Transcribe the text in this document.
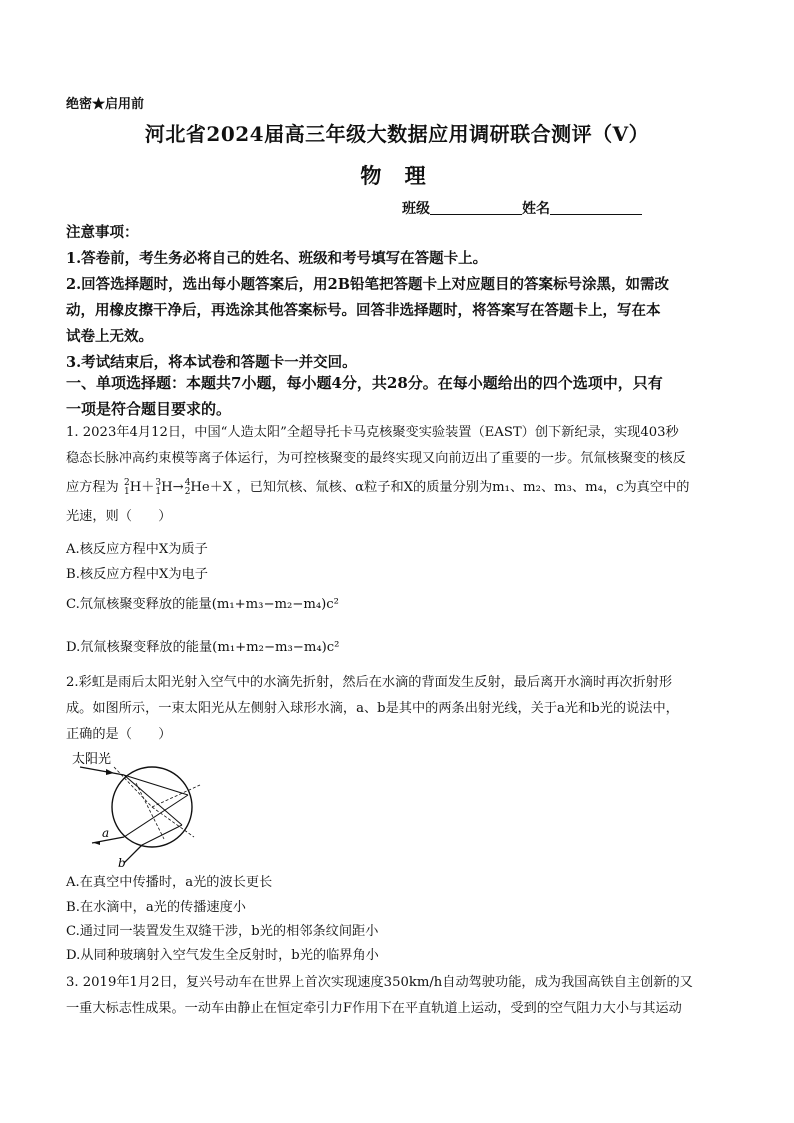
绝密★启用前
河北省2024届高三年级大数据应用调研联合测评（V）
物 理
班级	姓名
注意事项：
1.答卷前，考生务必将自己的姓名、班级和考号填写在答题卡上。
2.回答选择题时，选出每小题答案后，用2B铅笔把答题卡上对应题目的答案标号涂黑，如需改
动，用橡皮擦干净后，再选涂其他答案标号。回答非选择题时，将答案写在答题卡上，写在本
试卷上无效。
3.考试结束后，将本试卷和答题卡一并交回。
一、单项选择题：本题共7小题，每小题4分，共28分。在每小题给出的四个选项中，只有
一项是符合题目要求的。
1. 2023年4月12日，中国“人造太阳”全超导托卡马克核聚变实验装置（EAST）创下新纪录，实现403秒
稳态长脉冲高约束模等离子体运行，为可控核聚变的最终实现又向前迈出了重要的一步。氘氚核聚变的核反
应方程为 2
1 H＋ 3
1 H→ 4
2 He＋X ，已知氘核、氚核、α粒子和X的质量分别为m₁、m₂、m₃、m₄，c为真空中的
光速，则（　　）
A.核反应方程中X为质子
B.核反应方程中X为电子
C.氘氚核聚变释放的能量(m₁+m₃−m₂−m₄)c²
D.氘氚核聚变释放的能量(m₁+m₂−m₃−m₄)c²
2.彩虹是雨后太阳光射入空气中的水滴先折射，然后在水滴的背面发生反射，最后离开水滴时再次折射形
成。如图所示，一束太阳光从左侧射入球形水滴，a、b是其中的两条出射光线，关于a光和b光的说法中，
正确的是（　　）
太阳光
a
b
A.在真空中传播时，a光的波长更长
B.在水滴中，a光的传播速度小
C.通过同一装置发生双缝干涉，b光的相邻条纹间距小
D.从同种玻璃射入空气发生全反射时，b光的临界角小
3. 2019年1月2日，复兴号动车在世界上首次实现速度350km/h自动驾驶功能，成为我国高铁自主创新的又
一重大标志性成果。一动车由静止在恒定牵引力F作用下在平直轨道上运动，受到的空气阻力大小与其运动
